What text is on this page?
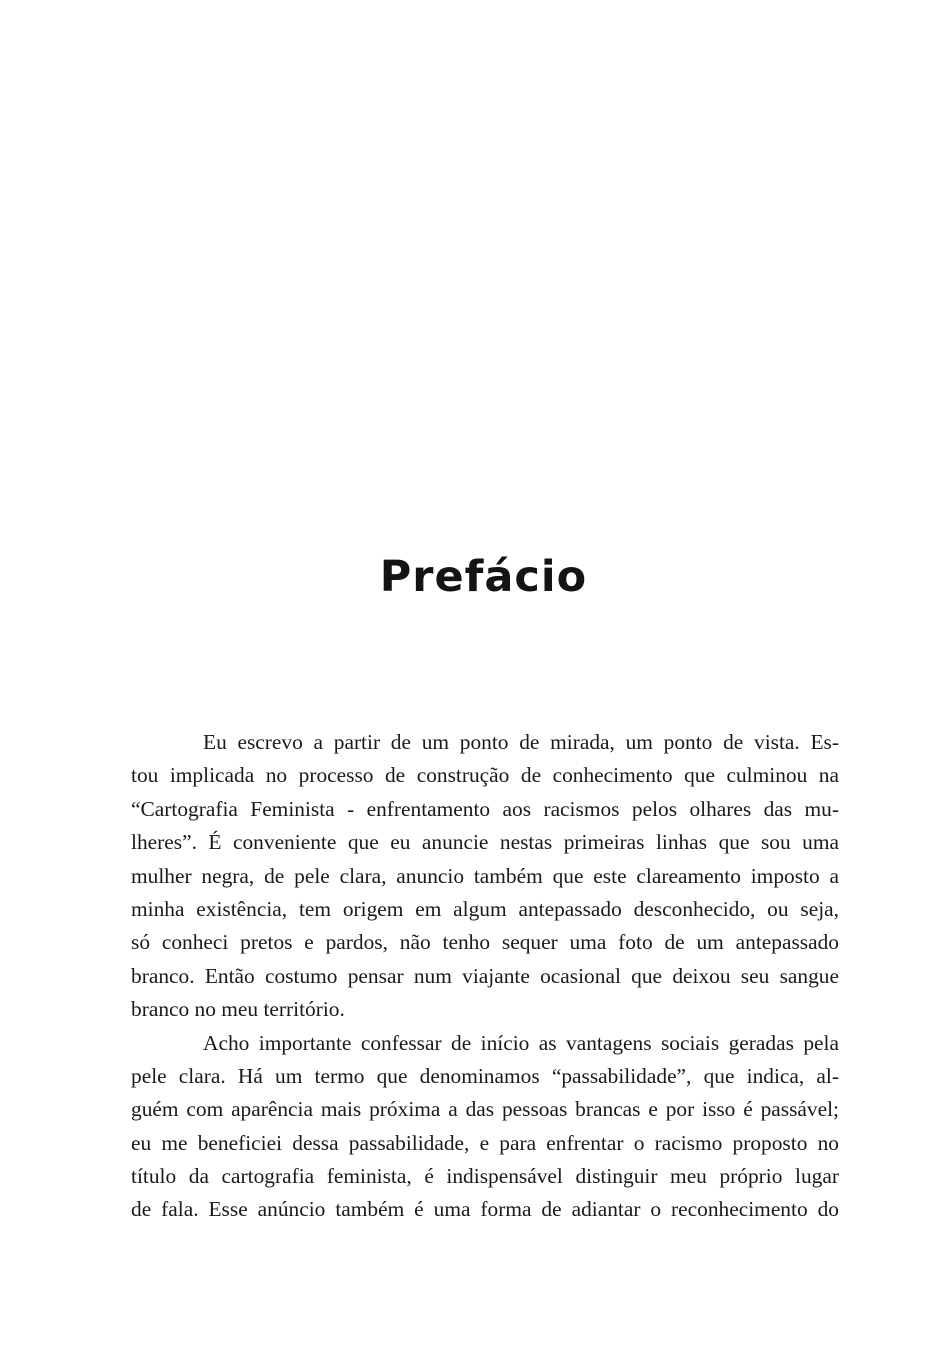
Prefácio
Eu escrevo a partir de um ponto de mirada, um ponto de vista. Es-
tou implicada no processo de construção de conhecimento que culminou na
“Cartografia Feminista - enfrentamento aos racismos pelos olhares das mu-
lheres”. É conveniente que eu anuncie nestas primeiras linhas que sou uma
mulher negra, de pele clara, anuncio também que este clareamento imposto a
minha existência, tem origem em algum antepassado desconhecido, ou seja,
só conheci pretos e pardos, não tenho sequer uma foto de um antepassado
branco. Então costumo pensar num viajante ocasional que deixou seu sangue
branco no meu território.
Acho importante confessar de início as vantagens sociais geradas pela
pele clara. Há um termo que denominamos “passabilidade”, que indica, al-
guém com aparência mais próxima a das pessoas brancas e por isso é passável;
eu me beneficiei dessa passabilidade, e para enfrentar o racismo proposto no
título da cartografia feminista, é indispensável distinguir meu próprio lugar
de fala. Esse anúncio também é uma forma de adiantar o reconhecimento do
